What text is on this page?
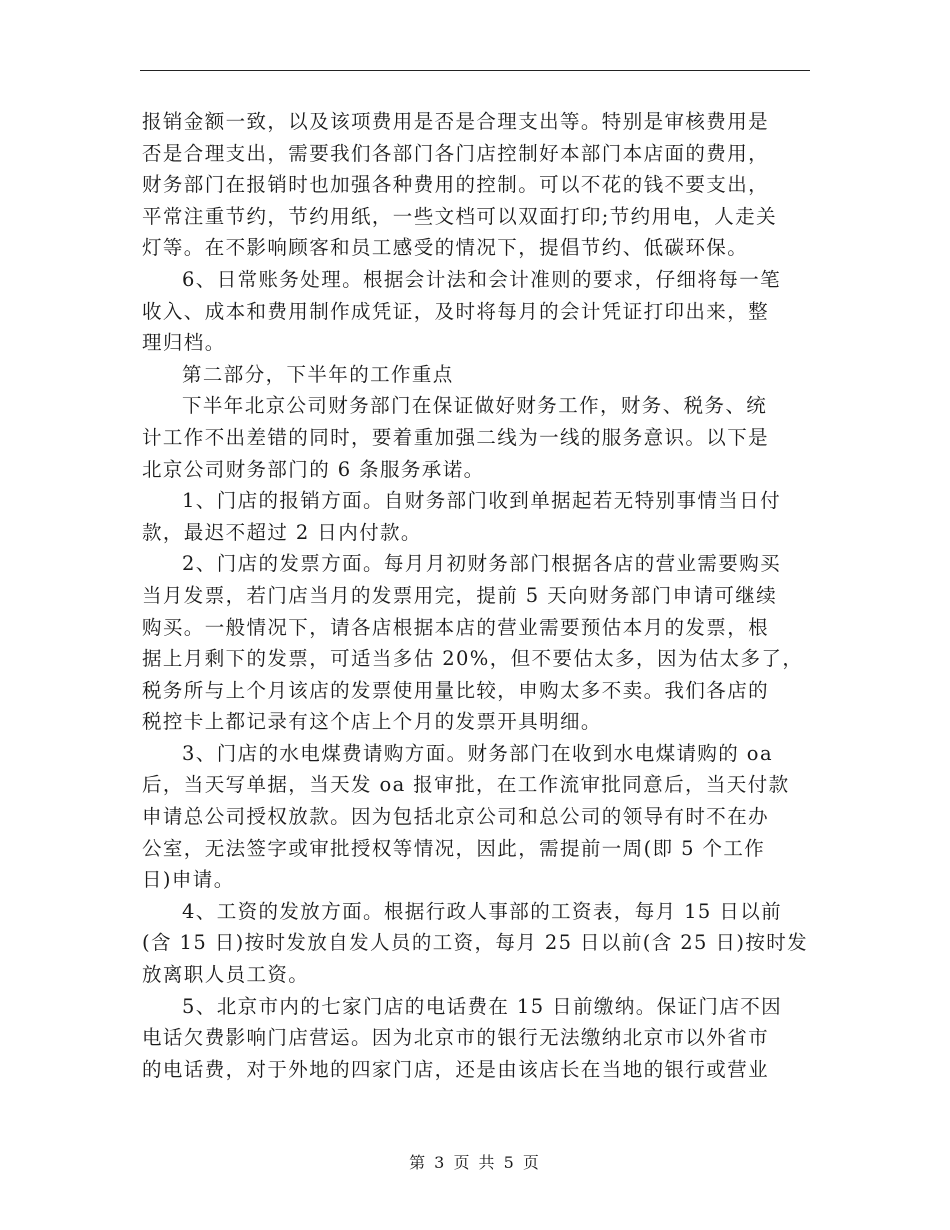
报销金额一致，以及该项费用是否是合理支出等。特别是审核费用是
否是合理支出，需要我们各部门各门店控制好本部门本店面的费用，
财务部门在报销时也加强各种费用的控制。可以不花的钱不要支出，
平常注重节约，节约用纸，一些文档可以双面打印;节约用电，人走关
灯等。在不影响顾客和员工感受的情况下，提倡节约、低碳环保。
6、日常账务处理。根据会计法和会计准则的要求，仔细将每一笔
收入、成本和费用制作成凭证，及时将每月的会计凭证打印出来，整
理归档。
第二部分，下半年的工作重点
下半年北京公司财务部门在保证做好财务工作，财务、税务、统
计工作不出差错的同时，要着重加强二线为一线的服务意识。以下是
北京公司财务部门的 6 条服务承诺。
1、门店的报销方面。自财务部门收到单据起若无特别事情当日付
款，最迟不超过 2 日内付款。
2、门店的发票方面。每月月初财务部门根据各店的营业需要购买
当月发票，若门店当月的发票用完，提前 5 天向财务部门申请可继续
购买。一般情况下，请各店根据本店的营业需要预估本月的发票，根
据上月剩下的发票，可适当多估 20%，但不要估太多，因为估太多了，
税务所与上个月该店的发票使用量比较，申购太多不卖。我们各店的
税控卡上都记录有这个店上个月的发票开具明细。
3、门店的水电煤费请购方面。财务部门在收到水电煤请购的 oa
后，当天写单据，当天发 oa 报审批，在工作流审批同意后，当天付款
申请总公司授权放款。因为包括北京公司和总公司的领导有时不在办
公室，无法签字或审批授权等情况，因此，需提前一周(即 5 个工作
日)申请。
4、工资的发放方面。根据行政人事部的工资表，每月 15 日以前
(含 15 日)按时发放自发人员的工资，每月 25 日以前(含 25 日)按时发
放离职人员工资。
5、北京市内的七家门店的电话费在 15 日前缴纳。保证门店不因
电话欠费影响门店营运。因为北京市的银行无法缴纳北京市以外省市
的电话费，对于外地的四家门店，还是由该店长在当地的银行或营业
第 3 页 共 5 页
